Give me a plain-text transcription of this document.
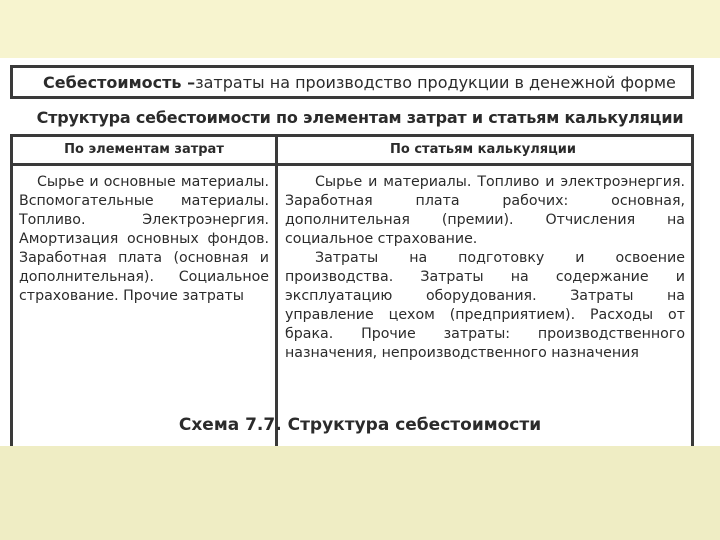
Себестоимость – затраты на производство продукции в денежной форме
Структура себестоимости по элементам затрат и статьям калькуляции
По элементам затрат	По статьям калькуляции
Сырье и основные материалы. Вспомогательные материалы. Топливо. Электроэнергия. Амортизация основных фондов. Заработная плата (основная и дополнительная). Социальное страхование. Прочие затраты

Сырье и материалы. Топливо и электроэнергия. Заработная плата рабочих: основная, дополнительная (премии). Отчисления на социальное страхование.

Затраты на подготовку и освоение производства. Затраты на содержание и эксплуатацию оборудования. Затраты на управление цехом (предприятием). Расходы от брака. Прочие затраты: производственного назначения, непроизводственного назначения

Схема 7.7. Структура себестоимости
